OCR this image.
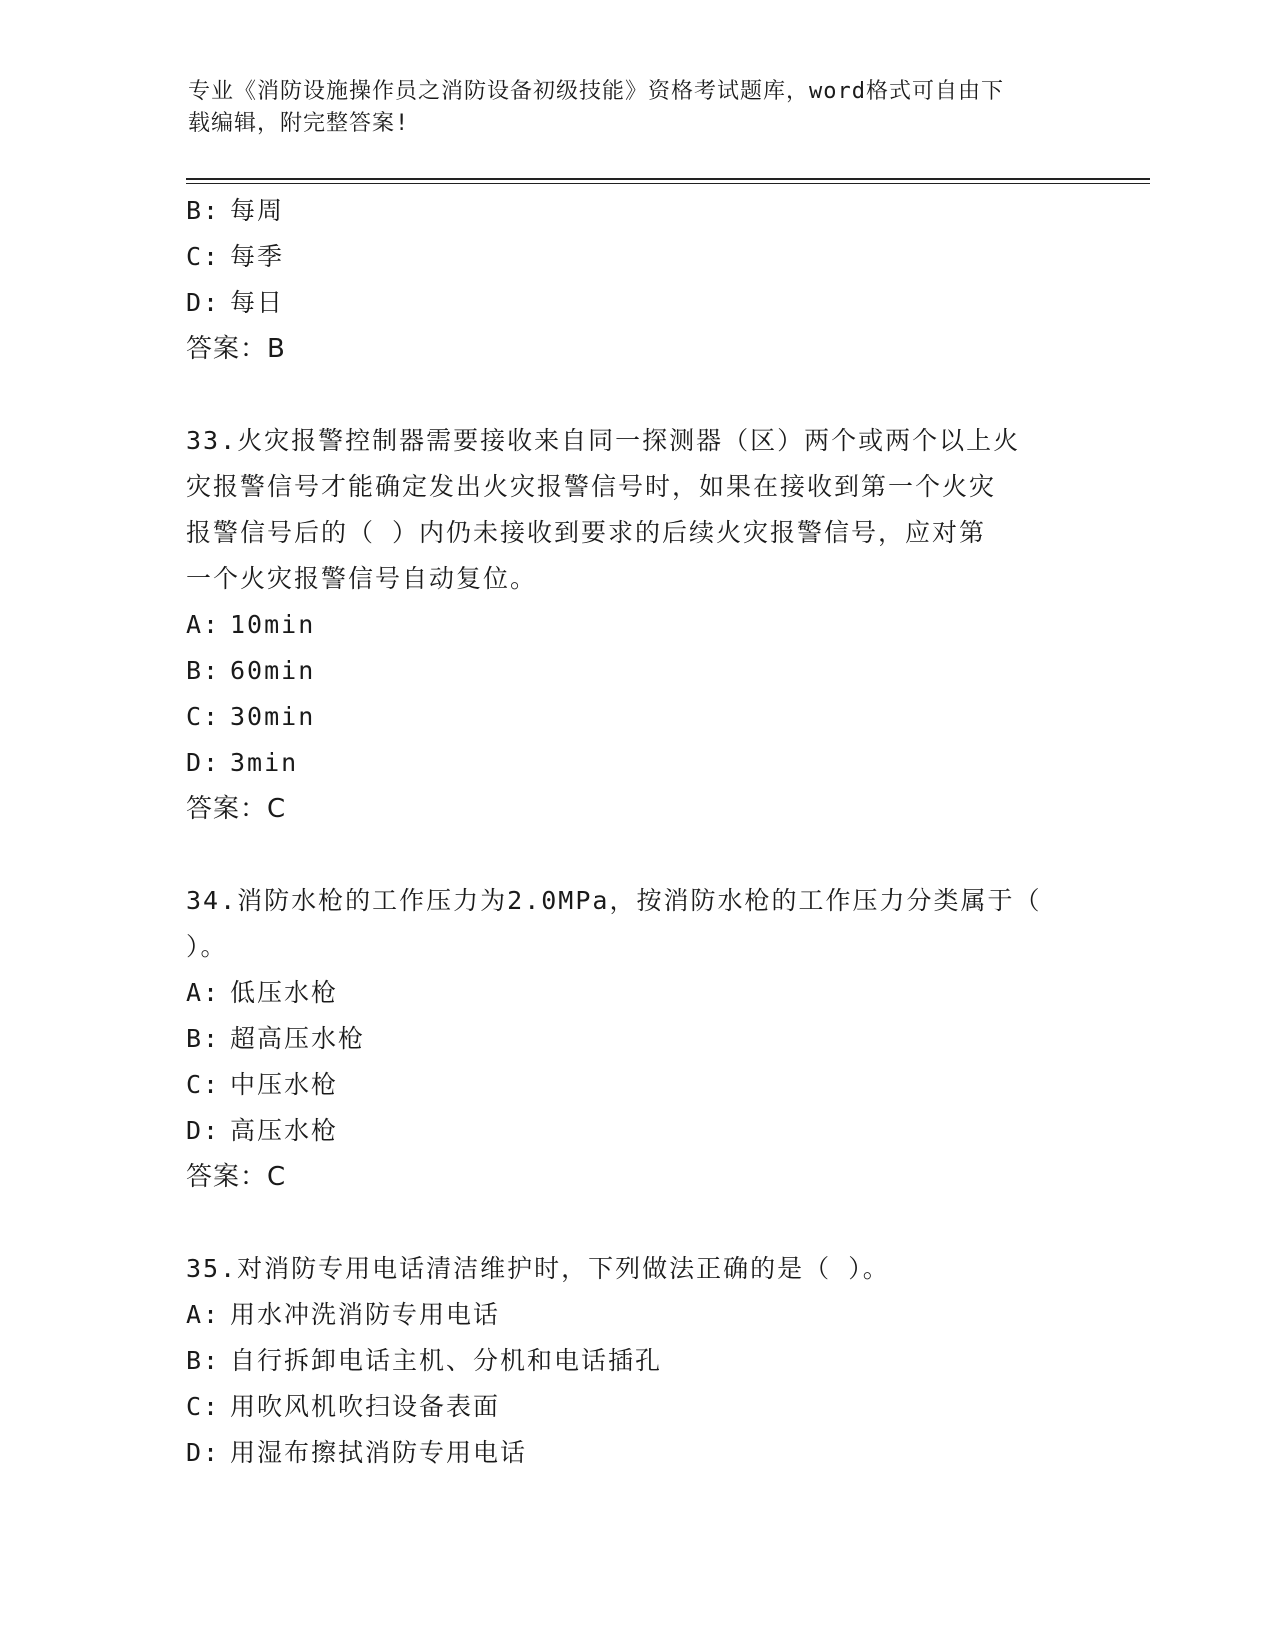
专业《消防设施操作员之消防设备初级技能》资格考试题库，word格式可自由下
载编辑，附完整答案!
B: 每周
C: 每季
D: 每日
答案：B
33.火灾报警控制器需要接收来自同一探测器（区）两个或两个以上火
灾报警信号才能确定发出火灾报警信号时，如果在接收到第一个火灾
报警信号后的（ ）内仍未接收到要求的后续火灾报警信号，应对第
一个火灾报警信号自动复位。
A: 10min
B: 60min
C: 30min
D: 3min
答案：C
34.消防水枪的工作压力为2.0MPa，按消防水枪的工作压力分类属于（
）。
A: 低压水枪
B: 超高压水枪
C: 中压水枪
D: 高压水枪
答案：C
35.对消防专用电话清洁维护时，下列做法正确的是（ ）。
A: 用水冲洗消防专用电话
B: 自行拆卸电话主机、分机和电话插孔
C: 用吹风机吹扫设备表面
D: 用湿布擦拭消防专用电话
